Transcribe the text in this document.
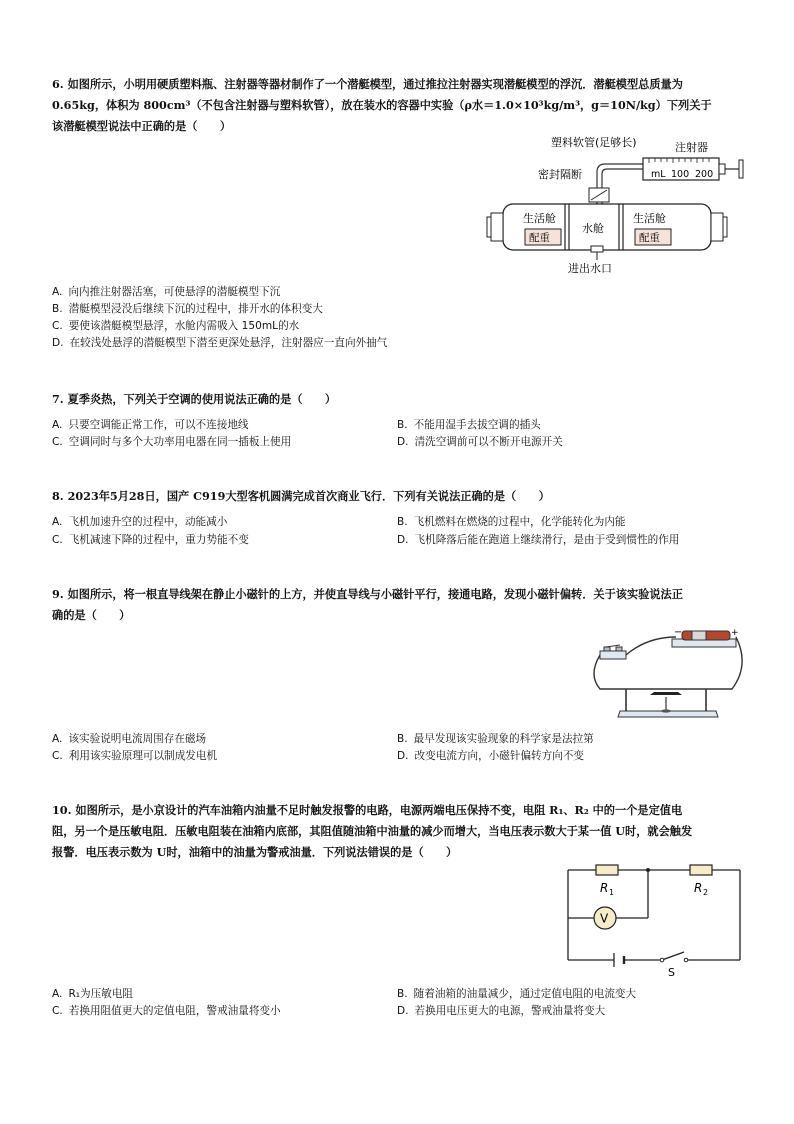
6. 如图所示，小明用硬质塑料瓶、注射器等器材制作了一个潜艇模型，通过推拉注射器实现潜艇模型的浮沉．潜艇模型总质量为
0.65kg，体积为 800cm³（不包含注射器与塑料软管），放在装水的容器中实验（ρ水＝1.0×10³kg/m³，g＝10N/kg）下列关于
该潜艇模型说法中正确的是（　　）
塑料软管(足够长)	注射器
mL 100 200
密封隔断
生活舱
配重
水舱
生活舱
配重
进出水口
A. 向内推注射器活塞，可使悬浮的潜艇模型下沉
B. 潜艇模型浸没后继续下沉的过程中，排开水的体积变大
C. 要使该潜艇模型悬浮，水舱内需吸入 150mL的水
D. 在较浅处悬浮的潜艇模型下潜至更深处悬浮，注射器应一直向外抽气
7. 夏季炎热，下列关于空调的使用说法正确的是（　　）
A. 只要空调能正常工作，可以不连接地线	B. 不能用湿手去拔空调的插头
C. 空调同时与多个大功率用电器在同一插板上使用	D. 清洗空调前可以不断开电源开关
8. 2023年5月28日，国产 C919大型客机圆满完成首次商业飞行．下列有关说法正确的是（　　）
A. 飞机加速升空的过程中，动能减小	B. 飞机燃料在燃烧的过程中，化学能转化为内能
C. 飞机减速下降的过程中，重力势能不变	D. 飞机降落后能在跑道上继续滑行，是由于受到惯性的作用
9. 如图所示，将一根直导线架在静止小磁针的上方，并使直导线与小磁针平行，接通电路，发现小磁针偏转．关于该实验说法正
确的是（　　）
−	+
A. 该实验说明电流周围存在磁场	B. 最早发现该实验现象的科学家是法拉第
C. 利用该实验原理可以制成发电机	D. 改变电流方向，小磁针偏转方向不变
10. 如图所示，是小京设计的汽车油箱内油量不足时触发报警的电路，电源两端电压保持不变，电阻 R₁、R₂ 中的一个是定值电
阻，另一个是压敏电阻．压敏电阻装在油箱内底部，其阻值随油箱中油量的减少而增大，当电压表示数大于某一值 U时，就会触发
报警．电压表示数为 U时，油箱中的油量为警戒油量．下列说法错误的是（　　）
R 1	R 2
V
S
A. R₁为压敏电阻	B. 随着油箱的油量减少，通过定值电阻的电流变大
C. 若换用阻值更大的定值电阻，警戒油量将变小	D. 若换用电压更大的电源，警戒油量将变大
